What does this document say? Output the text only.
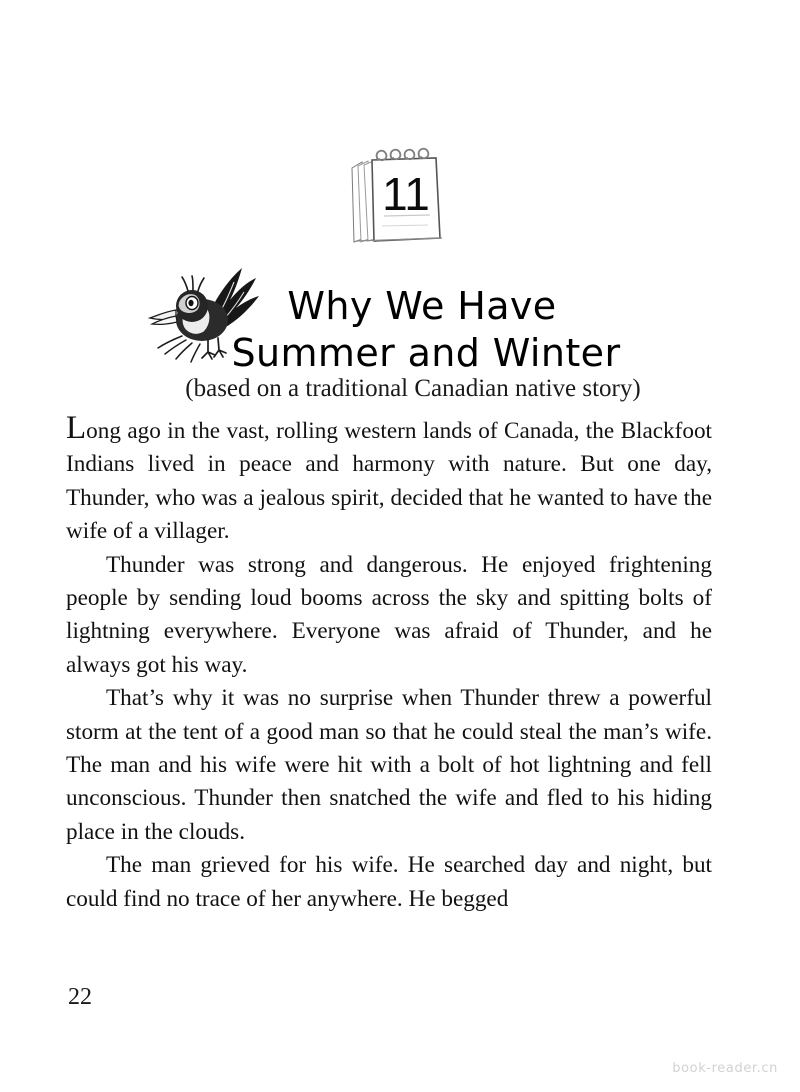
11
Why We Have
Summer and Winter
(based on a traditional Canadian native story)

Long ago in the vast, rolling western lands of Canada, the Blackfoot Indians lived in peace and harmony with nature. But one day, Thunder, who was a jealous spirit, decided that he wanted to have the wife of a villager.

Thunder was strong and dangerous. He enjoyed frightening people by sending loud booms across the sky and spitting bolts of lightning everywhere. Everyone was afraid of Thunder, and he always got his way.

That’s why it was no surprise when Thunder threw a powerful storm at the tent of a good man so that he could steal the man’s wife. The man and his wife were hit with a bolt of hot lightning and fell unconscious. Thunder then snatched the wife and fled to his hiding place in the clouds.

The man grieved for his wife. He searched day and night, but could find no trace of her anywhere. He begged

22
book-reader.cn
